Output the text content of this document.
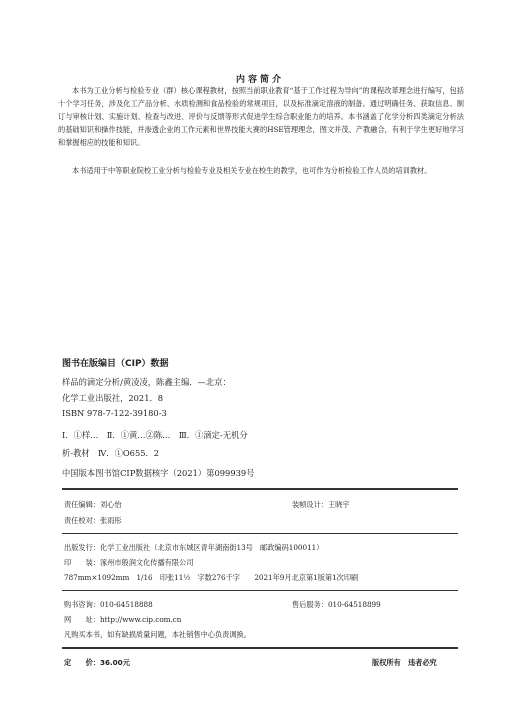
内容简介

本书为工业分析与检验专业（群）核心课程教材，按照当前职业教育“基于工作过程为导向”的课程改革理念进行编写，包括十个学习任务，涉及化工产品分析、水质检测和食品检验的常规项目，以及标准滴定溶液的制备。通过明确任务、获取信息、制订与审核计划、实施计划、检查与改进、评价与反馈等形式促进学生综合职业能力的培养。本书涵盖了化学分析四类滴定分析法的基础知识和操作技能，并渗透企业的工作元素和世界技能大赛的HSE管理理念，图文并茂、产教融合，有利于学生更好地学习和掌握相应的技能和知识。

本书适用于中等职业院校工业分析与检验专业及相关专业在校生的教学，也可作为分析检验工作人员的培训教材。

图书在版编目（CIP）数据
样品的滴定分析/黄凌凌，陈鑫主编．—北京：
化学工业出版社，2021．8
ISBN 978-7-122-39180-3
Ⅰ．①样…　Ⅱ．①黄…②陈…　Ⅲ．①滴定-无机分
析-教材　Ⅳ．①O655．2
中国版本图书馆CIP数据核字（2021）第099939号
责任编辑：刘心怡	装帧设计：王晓宇
责任校对：张雨彤
出版发行：化学工业出版社（北京市东城区青年湖南街13号　邮政编码100011）
印　　装：涿州市般润文化传播有限公司
787mm×1092mm　1/16　印张11½　字数276千字　　2021年9月北京第1版第1次印刷
购书咨询：010-64518888	售后服务：010-64518899
网　　址：http://www.cip.com.cn
凡购买本书，如有缺损质量问题，本社销售中心负责调换。
定　　价：36.00元	版权所有　违者必究
